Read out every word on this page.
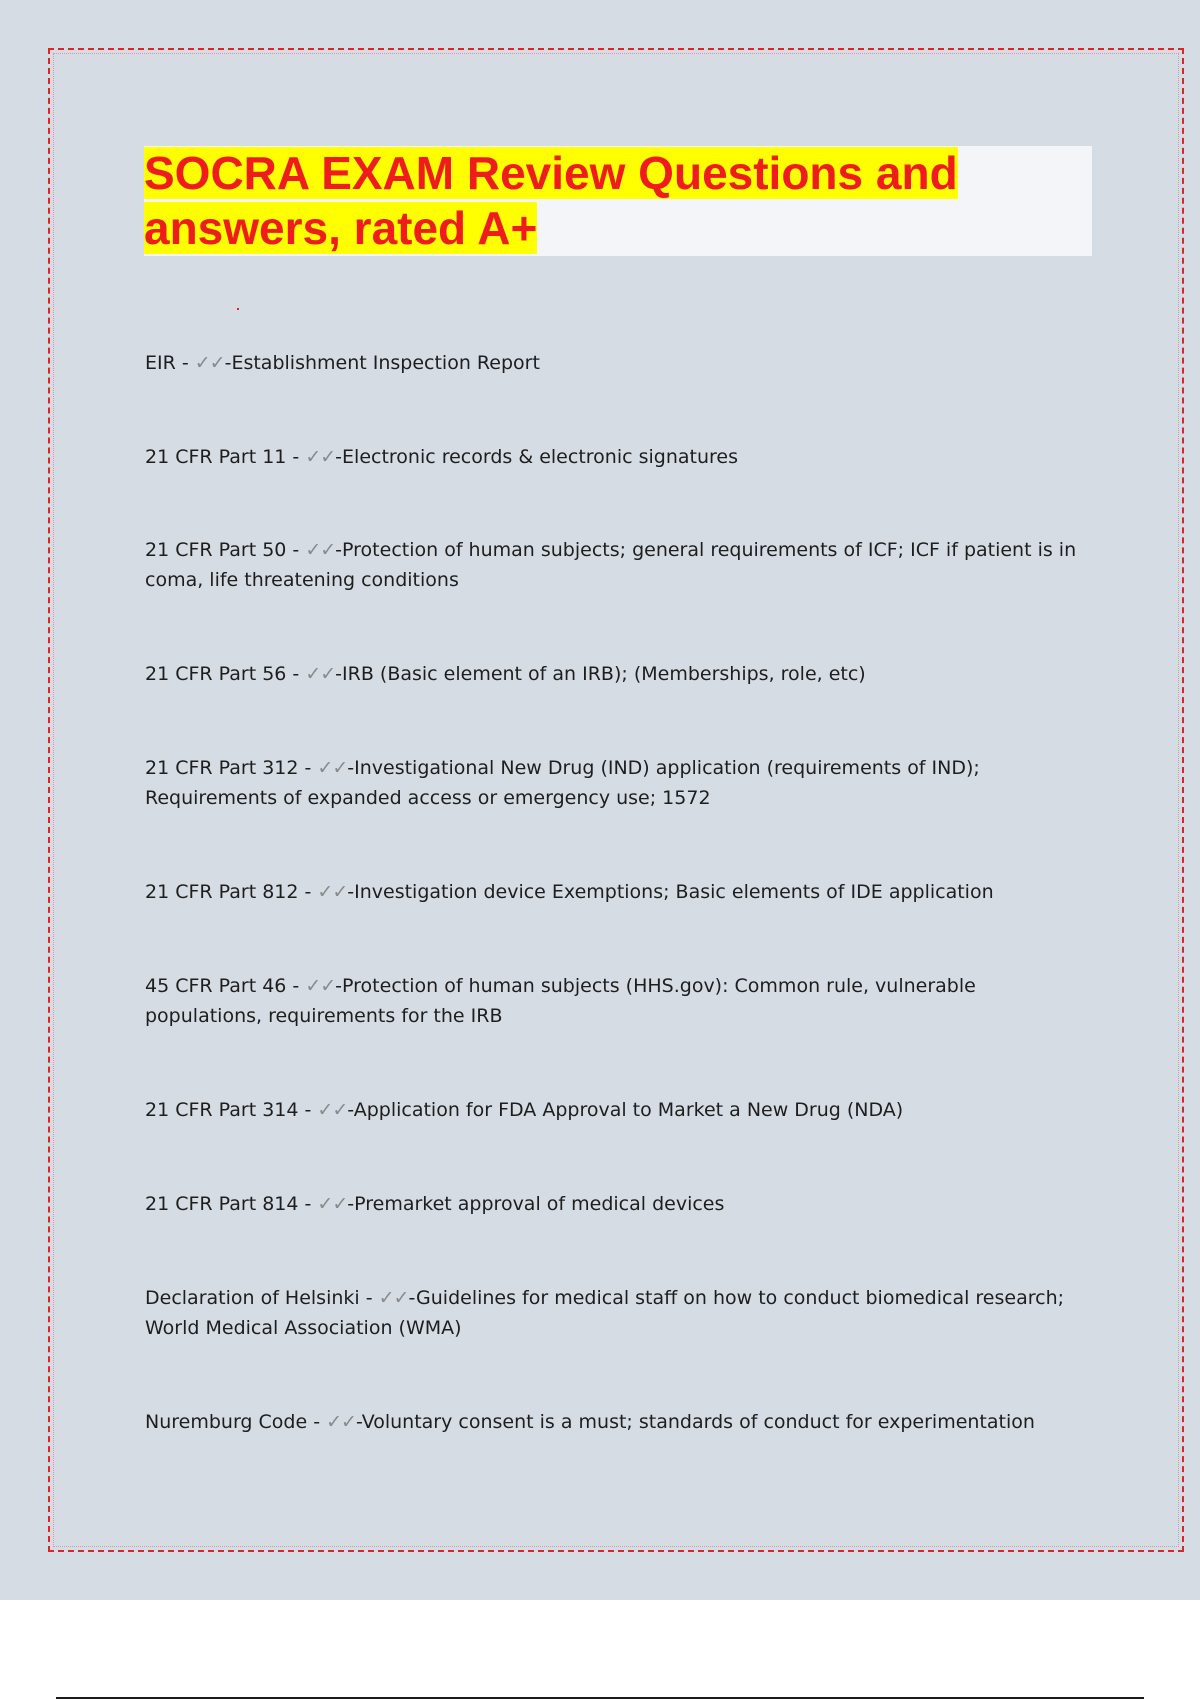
SOCRA EXAM Review Questions and answers, rated A+
EIR - ✓✓-Establishment Inspection Report
21 CFR Part 11 - ✓✓-Electronic records & electronic signatures
21 CFR Part 50 - ✓✓-Protection of human subjects; general requirements of ICF; ICF if patient is in coma, life threatening conditions
21 CFR Part 56 - ✓✓-IRB (Basic element of an IRB); (Memberships, role, etc)
21 CFR Part 312 - ✓✓-Investigational New Drug (IND) application (requirements of IND); Requirements of expanded access or emergency use; 1572
21 CFR Part 812 - ✓✓-Investigation device Exemptions; Basic elements of IDE application
45 CFR Part 46 - ✓✓-Protection of human subjects (HHS.gov): Common rule, vulnerable populations, requirements for the IRB
21 CFR Part 314 - ✓✓-Application for FDA Approval to Market a New Drug (NDA)
21 CFR Part 814 - ✓✓-Premarket approval of medical devices
Declaration of Helsinki - ✓✓-Guidelines for medical staff on how to conduct biomedical research; World Medical Association (WMA)
Nuremburg Code - ✓✓-Voluntary consent is a must; standards of conduct for experimentation
